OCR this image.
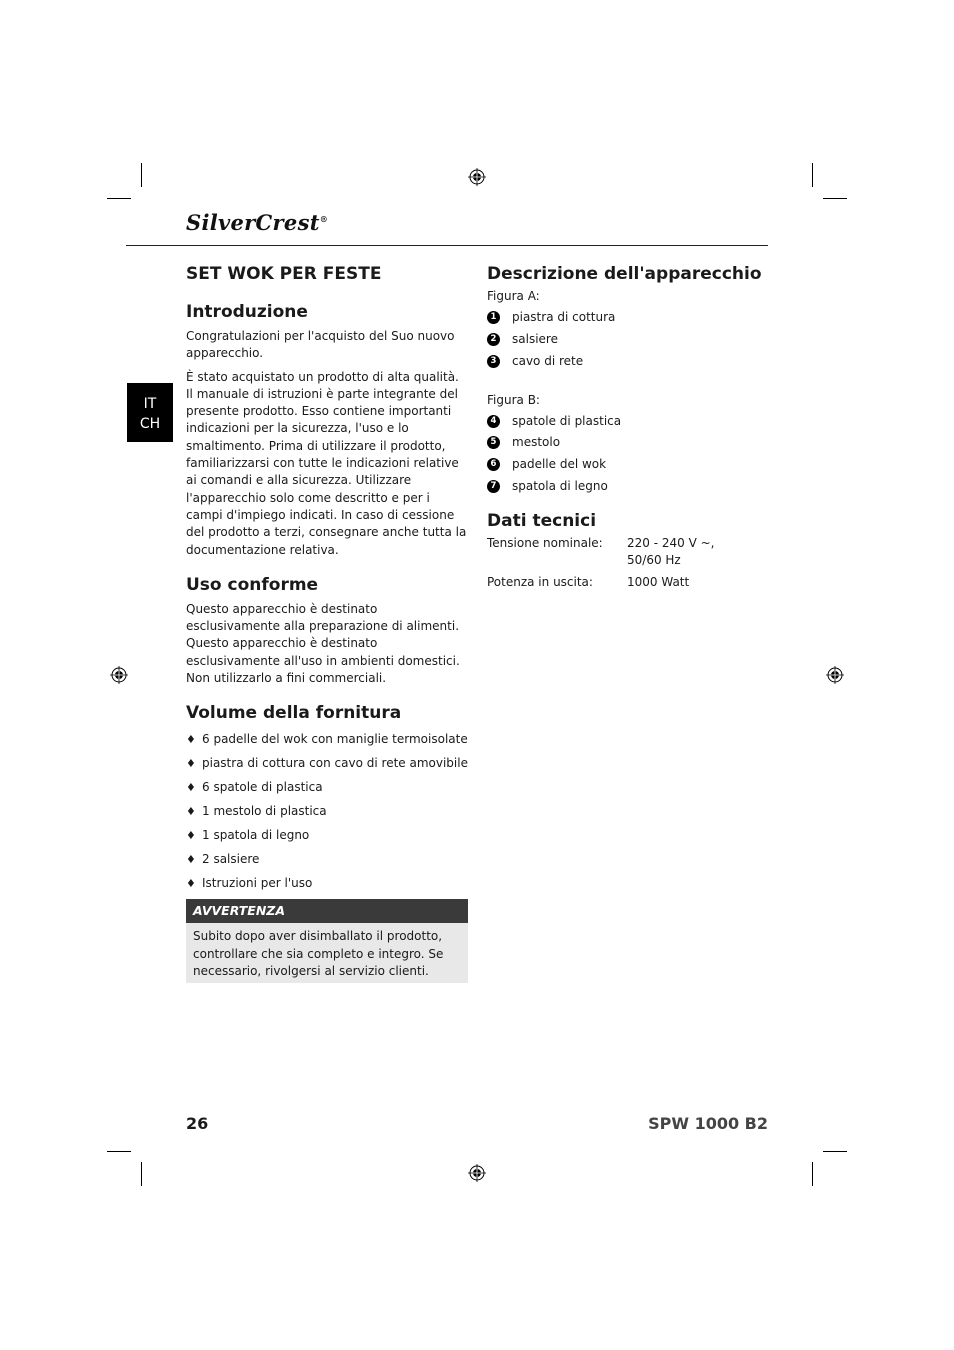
SilverCrest®
IT
CH
SET WOK PER FESTE
Introduzione

Congratulazioni per l'acquisto del Suo nuovo apparecchio.

È stato acquistato un prodotto di alta qualità. Il manuale di istruzioni è parte integrante del presente prodotto. Esso contiene importanti indicazioni per la sicurezza, l'uso e lo smaltimento. Prima di utilizzare il prodotto, familiarizzarsi con tutte le indicazioni relative ai comandi e alla sicurezza. Utilizzare l'apparecchio solo come descritto e per i campi d'impiego indicati. In caso di cessione del prodotto a terzi, consegnare anche tutta la documentazione relativa.

Uso conforme

Questo apparecchio è destinato esclusivamente alla preparazione di alimenti. Questo apparecchio è destinato esclusivamente all'uso in ambienti domestici. Non utilizzarlo a fini commerciali.

Volume della fornitura
♦ 6 padelle del wok con maniglie termoisolate
♦ piastra di cottura con cavo di rete amovibile
♦ 6 spatole di plastica
♦ 1 mestolo di plastica
♦ 1 spatola di legno
♦ 2 salsiere
♦ Istruzioni per l'uso
AVVERTENZA
Subito dopo aver disimballato il prodotto, controllare che sia completo e integro. Se necessario, rivolgersi al servizio clienti.
Descrizione dell'apparecchio
Figura A:
1 piastra di cottura
2 salsiere
3 cavo di rete
Figura B:
4 spatole di plastica
5 mestolo
6 padelle del wok
7 spatola di legno
Dati tecnici
Tensione nominale:	220 - 240 V ~, 50/60 Hz
Potenza in uscita:	1000 Watt
26	SPW 1000 B2
